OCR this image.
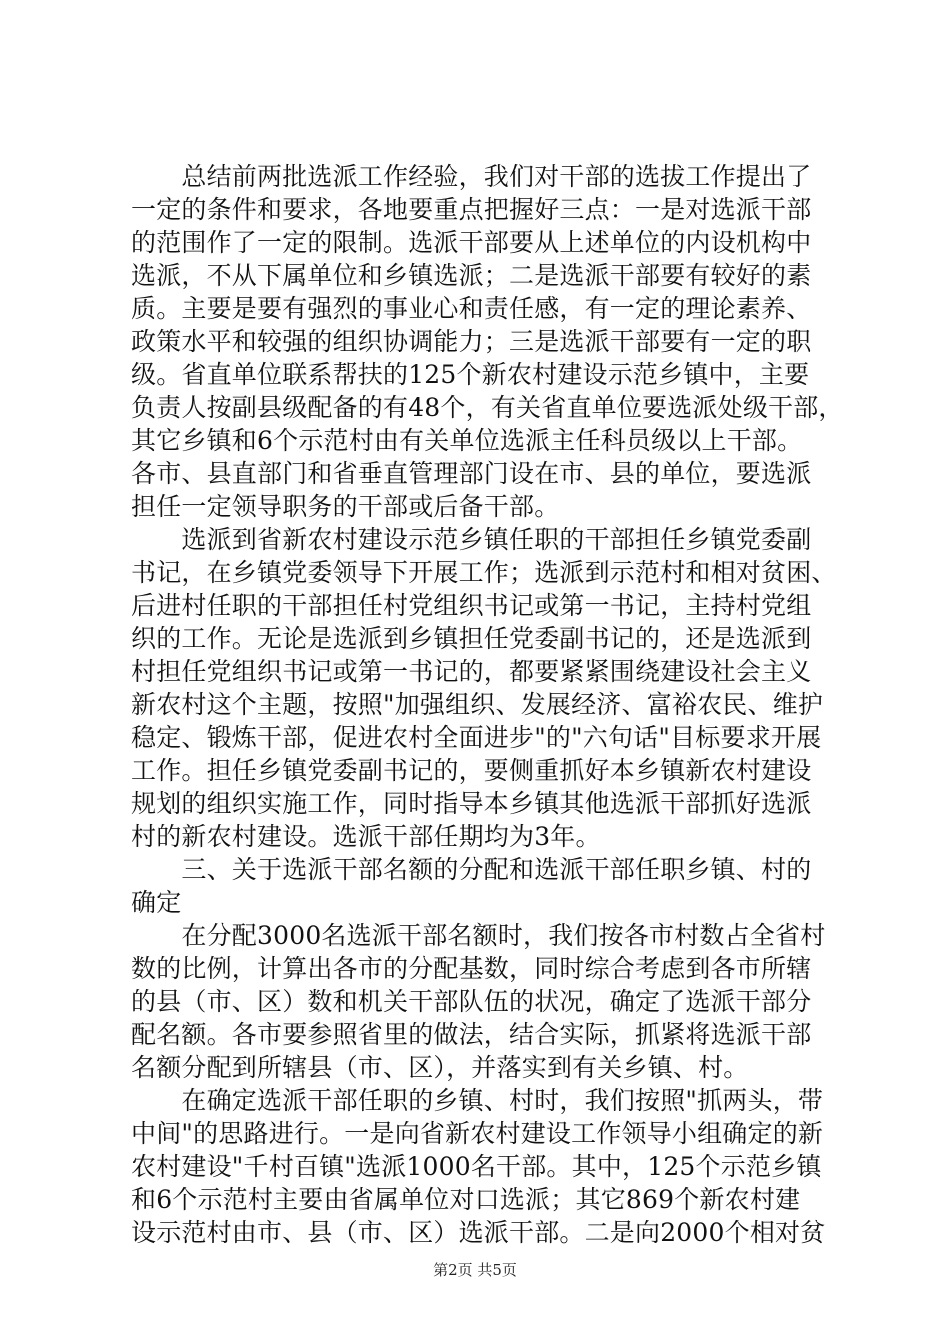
　　总结前两批选派工作经验，我们对干部的选拔工作提出了
一定的条件和要求，各地要重点把握好三点：一是对选派干部
的范围作了一定的限制。选派干部要从上述单位的内设机构中
选派，不从下属单位和乡镇选派；二是选派干部要有较好的素
质。主要是要有强烈的事业心和责任感，有一定的理论素养、
政策水平和较强的组织协调能力；三是选派干部要有一定的职
级。省直单位联系帮扶的125个新农村建设示范乡镇中，主要
负责人按副县级配备的有48个，有关省直单位要选派处级干部，
其它乡镇和6个示范村由有关单位选派主任科员级以上干部。
各市、县直部门和省垂直管理部门设在市、县的单位，要选派
担任一定领导职务的干部或后备干部。
　　选派到省新农村建设示范乡镇任职的干部担任乡镇党委副
书记，在乡镇党委领导下开展工作；选派到示范村和相对贫困、
后进村任职的干部担任村党组织书记或第一书记，主持村党组
织的工作。无论是选派到乡镇担任党委副书记的，还是选派到
村担任党组织书记或第一书记的，都要紧紧围绕建设社会主义
新农村这个主题，按照"加强组织、发展经济、富裕农民、维护
稳定、锻炼干部，促进农村全面进步"的"六句话"目标要求开展
工作。担任乡镇党委副书记的，要侧重抓好本乡镇新农村建设
规划的组织实施工作，同时指导本乡镇其他选派干部抓好选派
村的新农村建设。选派干部任期均为3年。
　　三、关于选派干部名额的分配和选派干部任职乡镇、村的
确定
　　在分配3000名选派干部名额时，我们按各市村数占全省村
数的比例，计算出各市的分配基数，同时综合考虑到各市所辖
的县（市、区）数和机关干部队伍的状况，确定了选派干部分
配名额。各市要参照省里的做法，结合实际，抓紧将选派干部
名额分配到所辖县（市、区），并落实到有关乡镇、村。
　　在确定选派干部任职的乡镇、村时，我们按照"抓两头，带
中间"的思路进行。一是向省新农村建设工作领导小组确定的新
农村建设"千村百镇"选派1000名干部。其中，125个示范乡镇
和6个示范村主要由省属单位对口选派；其它869个新农村建
设示范村由市、县（市、区）选派干部。二是向2000个相对贫
第2页 共5页
